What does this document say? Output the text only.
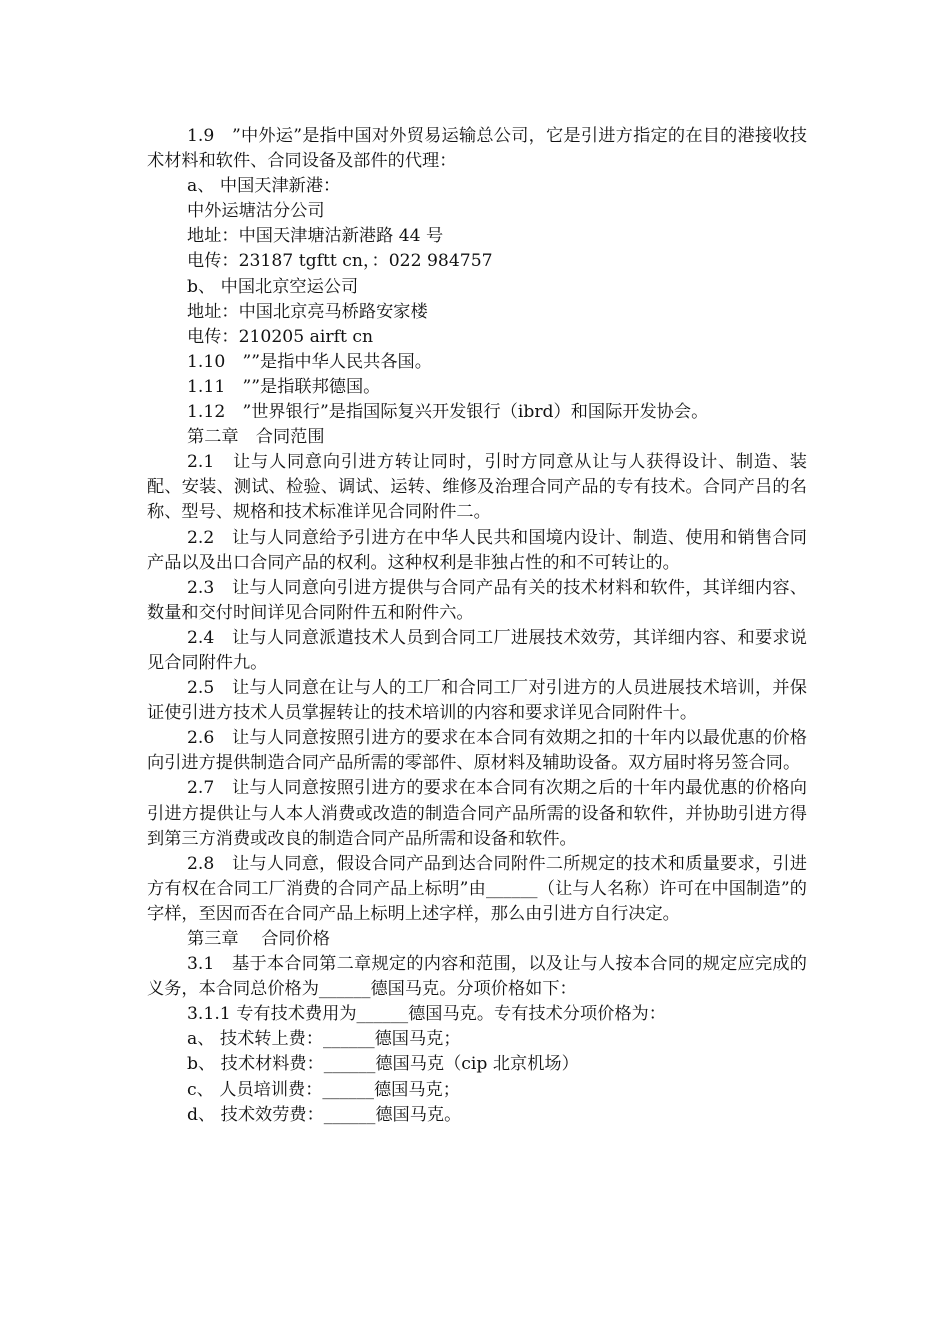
1.9　”中外运”是指中国对外贸易运输总公司，它是引进方指定的在目的港接收技术材料和软件、合同设备及部件的代理：

a、 中国天津新港：

中外运塘沽分公司

地址：中国天津塘沽新港路 44 号

电传：23187 tgftt cn，：022 984757

b、 中国北京空运公司

地址：中国北京亮马桥路安家楼

电传：210205 airft cn

1.10　””是指中华人民共各国。

1.11　””是指联邦德国。

1.12　”世界银行”是指国际复兴开发银行（ibrd）和国际开发协会。

第二章　合同范围

2.1　让与人同意向引进方转让同时，引时方同意从让与人获得设计、制造、装配、安装、测试、检验、调试、运转、维修及治理合同产品的专有技术。合同产吕的名称、型号、规格和技术标准详见合同附件二。

2.2　让与人同意给予引进方在中华人民共和国境内设计、制造、使用和销售合同产品以及出口合同产品的权利。这种权利是非独占性的和不可转让的。

2.3　让与人同意向引进方提供与合同产品有关的技术材料和软件，其详细内容、数量和交付时间详见合同附件五和附件六。

2.4　让与人同意派遣技术人员到合同工厂进展技术效劳，其详细内容、和要求说见合同附件九。

2.5　让与人同意在让与人的工厂和合同工厂对引进方的人员进展技术培训，并保证使引进方技术人员掌握转让的技术培训的内容和要求详见合同附件十。

2.6　让与人同意按照引进方的要求在本合同有效期之扣的十年内以最优惠的价格向引进方提供制造合同产品所需的零部件、原材料及辅助设备。双方届时将另签合同。

2.7　让与人同意按照引进方的要求在本合同有次期之后的十年内最优惠的价格向引进方提供让与人本人消费或改造的制造合同产品所需的设备和软件，并协助引进方得到第三方消费或改良的制造合同产品所需和设备和软件。

2.8　让与人同意，假设合同产品到达合同附件二所规定的技术和质量要求，引进方有权在合同工厂消费的合同产品上标明”由______（让与人名称）许可在中国制造”的字样，至因而否在合同产品上标明上述字样，那么由引进方自行决定。

第三章　 合同价格

3.1　基于本合同第二章规定的内容和范围，以及让与人按本合同的规定应完成的义务，本合同总价格为______德国马克。分项价格如下：

3.1.1 专有技术费用为______德国马克。专有技术分项价格为：

a、 技术转上费：______德国马克；

b、 技术材料费：______德国马克（cip 北京机场）

c、 人员培训费：______德国马克；

d、 技术效劳费：______德国马克。
